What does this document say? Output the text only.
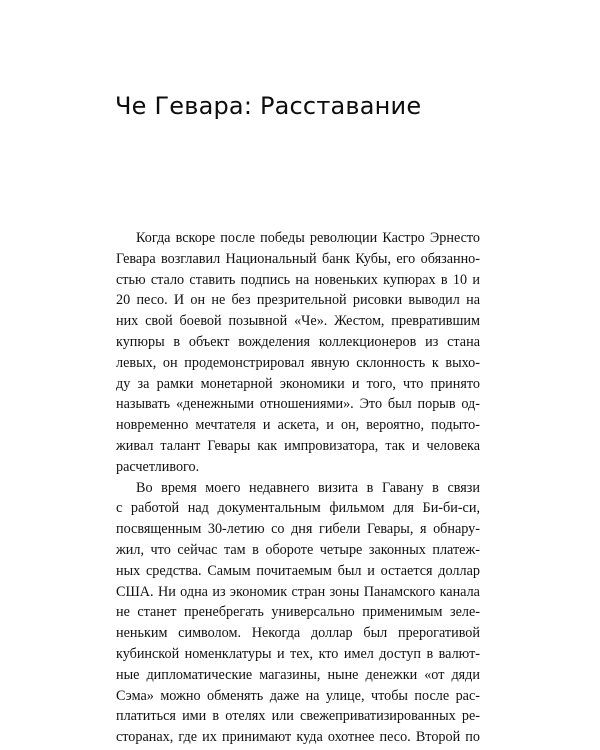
Че Гевара: Расставание
Когда вскоре после победы революции Кастро Эрнесто
Гевара возглавил Национальный банк Кубы, его обязанно-
стью стало ставить подпись на новеньких купюрах в 10 и
20 песо. И он не без презрительной рисовки выводил на
них свой боевой позывной «Че». Жестом, превратившим
купюры в объект вожделения коллекционеров из стана
левых, он продемонстрировал явную склонность к выхо-
ду за рамки монетарной экономики и того, что принято
называть «денежными отношениями». Это был порыв од-
новременно мечтателя и аскета, и он, вероятно, подыто-
живал талант Гевары как импровизатора, так и человека
расчетливого.
Во время моего недавнего визита в Гавану в связи
с работой над документальным фильмом для Би-би-си,
посвященным 30-летию со дня гибели Гевары, я обнару-
жил, что сейчас там в обороте четыре законных платеж-
ных средства. Самым почитаемым был и остается доллар
США. Ни одна из экономик стран зоны Панамского канала
не станет пренебрегать универсально применимым зеле-
неньким символом. Некогда доллар был прерогативой
кубинской номенклатуры и тех, кто имел доступ в валют-
ные дипломатические магазины, ныне денежки «от дяди
Сэма» можно обменять даже на улице, чтобы после рас-
платиться ими в отелях или свежеприватизированных ре-
сторанах, где их принимают куда охотнее песо. Второй по
